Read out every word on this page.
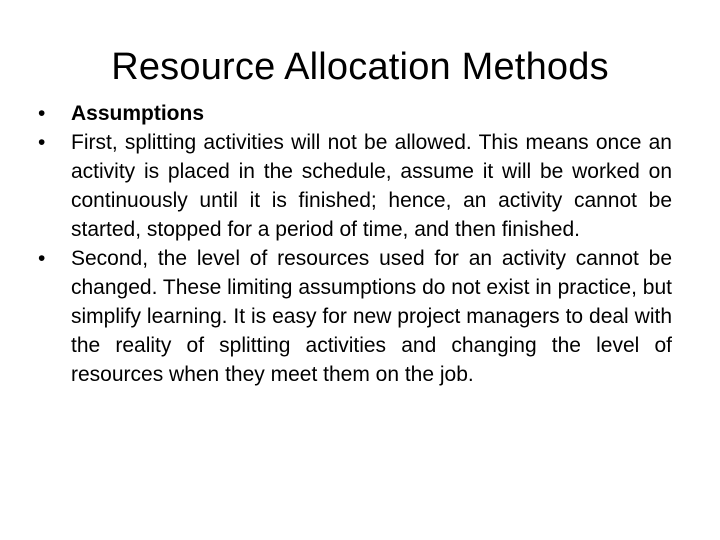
Resource Allocation Methods
•	Assumptions
•	First, splitting activities will not be allowed. This means once an activity is placed in the schedule, assume it will be worked on continuously until it is finished; hence, an activity cannot be started, stopped for a period of time, and then finished.
•	Second, the level of resources used for an activity cannot be changed. These limiting assumptions do not exist in practice, but simplify learning. It is easy for new project managers to deal with the reality of splitting activities and changing the level of resources when they meet them on the job.
